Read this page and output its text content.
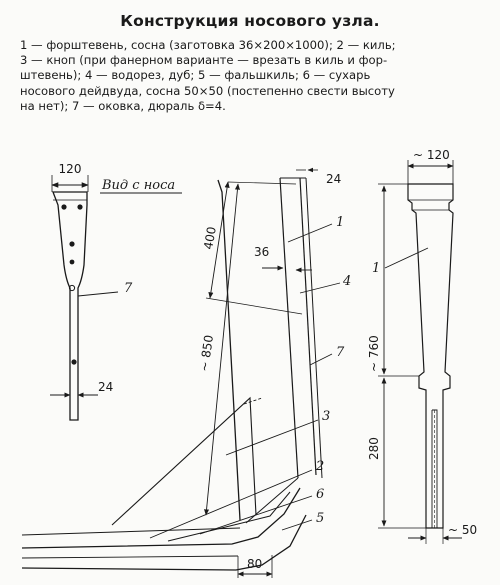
Конструкция носового узла.
1 — форштевень, сосна (заготовка 36×200×1000); 2 — киль;
3 — кноп (при фанерном варианте — врезать в киль и фор-
штевень); 4 — водорез, дуб; 5 — фальшкиль; 6 — сухарь
носового дейдвуда, сосна 50×50 (постепенно свести высоту
на нет); 7 — оковка, дюраль δ=4.
120
7
Вид с носа
24
24
400
~ 850
36
80
1
4
7
3
2
6
5
~ 120
1
~ 760
280
~ 50
